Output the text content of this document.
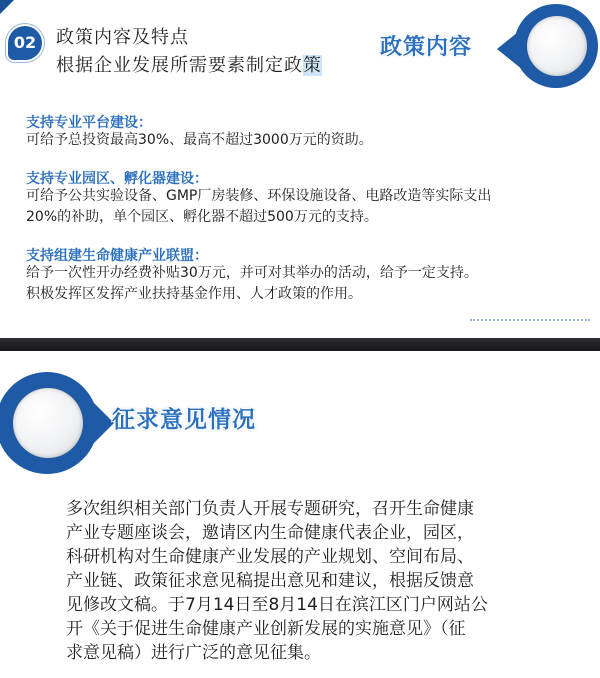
02	政策内容及特点
根据企业发展所需要素制定政策
政策内容
支持专业平台建设：
可给予总投资最高30%、最高不超过3000万元的资助。
支持专业园区、孵化器建设：
可给予公共实验设备、GMP厂房装修、环保设施设备、电路改造等实际支出
20%的补助，单个园区、孵化器不超过500万元的支持。
支持组建生命健康产业联盟：
给予一次性开办经费补贴30万元，并可对其举办的活动，给予一定支持。
积极发挥区发挥产业扶持基金作用、人才政策的作用。
征求意见情况
多次组织相关部门负责人开展专题研究，召开生命健康
产业专题座谈会，邀请区内生命健康代表企业，园区，
科研机构对生命健康产业发展的产业规划、空间布局、
产业链、政策征求意见稿提出意见和建议，根据反馈意
见修改文稿。于7月14日至8月14日在滨江区门户网站公
开《关于促进生命健康产业创新发展的实施意见》（征
求意见稿）进行广泛的意见征集。
